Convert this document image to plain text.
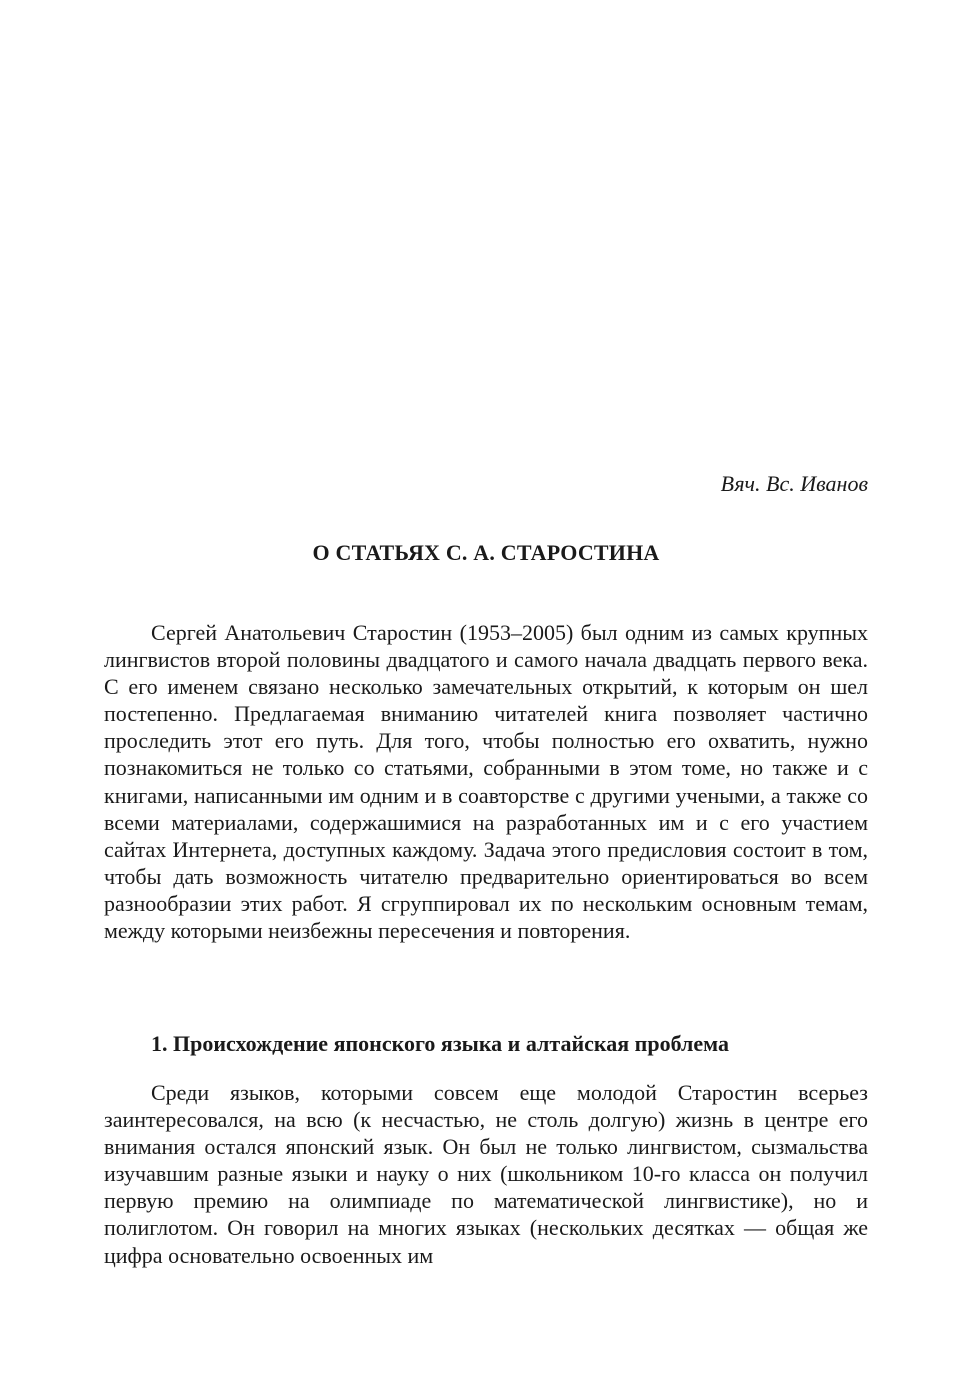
Вяч. Вс. Иванов
О СТАТЬЯХ С. А. СТАРОСТИНА

Сергей Анатольевич Старостин (1953–2005) был одним из самых крупных лингвистов второй половины двадцатого и самого начала двадцать первого века. С его именем связано несколько замечательных открытий, к которым он шел постепенно. Предлагаемая вниманию читателей книга позволяет частично проследить этот его путь. Для того, чтобы полностью его охватить, нужно познакомиться не только со статьями, собранными в этом томе, но также и с книгами, написанными им одним и в соавторстве с другими учеными, а также со всеми материалами, содержашимися на разработанных им и с его участием сайтах Интернета, доступных каждому. Задача этого предисловия состоит в том, чтобы дать возможность читателю предварительно ориентироваться во всем разнообразии этих работ. Я сгруппировал их по нескольким основным темам, между которыми неизбежны пересечения и повторения.

1. Происхождение японского языка и алтайская проблема

Среди языков, которыми совсем еще молодой Старостин всерьез заинтересовался, на всю (к несчастью, не столь долгую) жизнь в центре его внимания остался японский язык. Он был не только лингвистом, сызмальства изучавшим разные языки и науку о них (школьником 10-го класса он получил первую премию на олимпиаде по математической лингвистике), но и полиглотом. Он говорил на многих языках (нескольких десятках — общая же цифра основательно освоенных им
